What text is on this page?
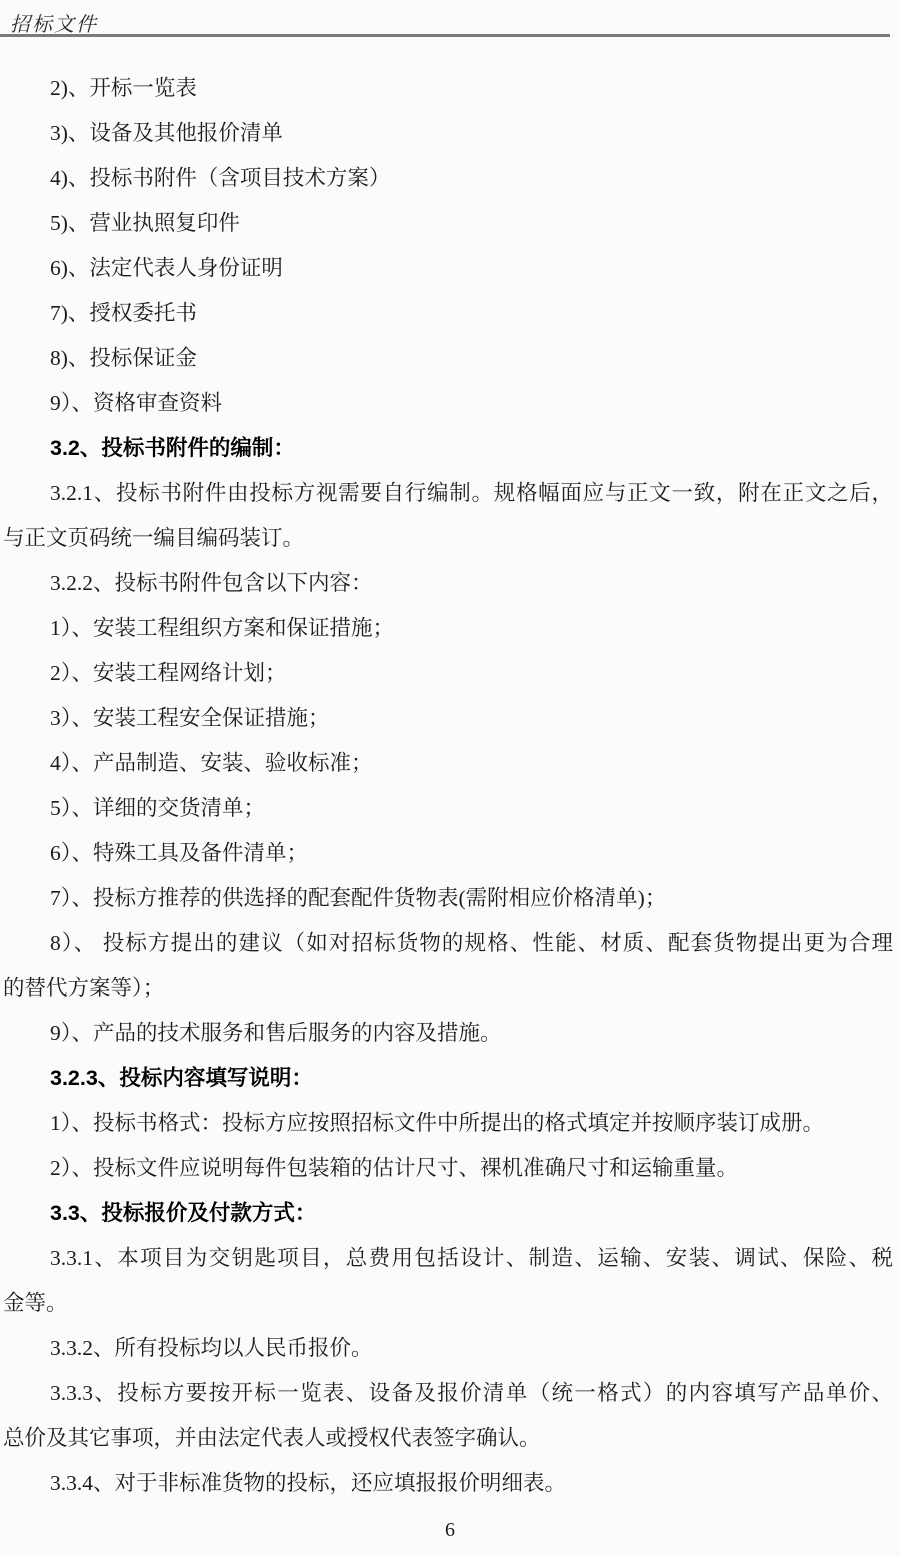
招标文件
2)、开标一览表
3)、设备及其他报价清单
4)、投标书附件（含项目技术方案）
5)、营业执照复印件
6)、法定代表人身份证明
7)、授权委托书
8)、投标保证金
9）、资格审查资料
3.2、投标书附件的编制：
3.2.1、投标书附件由投标方视需要自行编制。规格幅面应与正文一致，附在正文之后，
与正文页码统一编目编码装订。
3.2.2、投标书附件包含以下内容：
1）、安装工程组织方案和保证措施；
2）、安装工程网络计划；
3）、安装工程安全保证措施；
4）、产品制造、安装、验收标准；
5）、详细的交货清单；
6）、特殊工具及备件清单；
7）、投标方推荐的供选择的配套配件货物表(需附相应价格清单)；
8）、 投标方提出的建议（如对招标货物的规格、性能、材质、配套货物提出更为合理
的替代方案等）；
9）、产品的技术服务和售后服务的内容及措施。
3.2.3、投标内容填写说明：
1）、投标书格式：投标方应按照招标文件中所提出的格式填定并按顺序装订成册。
2）、投标文件应说明每件包装箱的估计尺寸、裸机准确尺寸和运输重量。
3.3、投标报价及付款方式：
3.3.1、本项目为交钥匙项目，总费用包括设计、制造、运输、安装、调试、保险、税
金等。
3.3.2、所有投标均以人民币报价。
3.3.3、投标方要按开标一览表、设备及报价清单（统一格式）的内容填写产品单价、
总价及其它事项，并由法定代表人或授权代表签字确认。
3.3.4、对于非标准货物的投标，还应填报报价明细表。
6
